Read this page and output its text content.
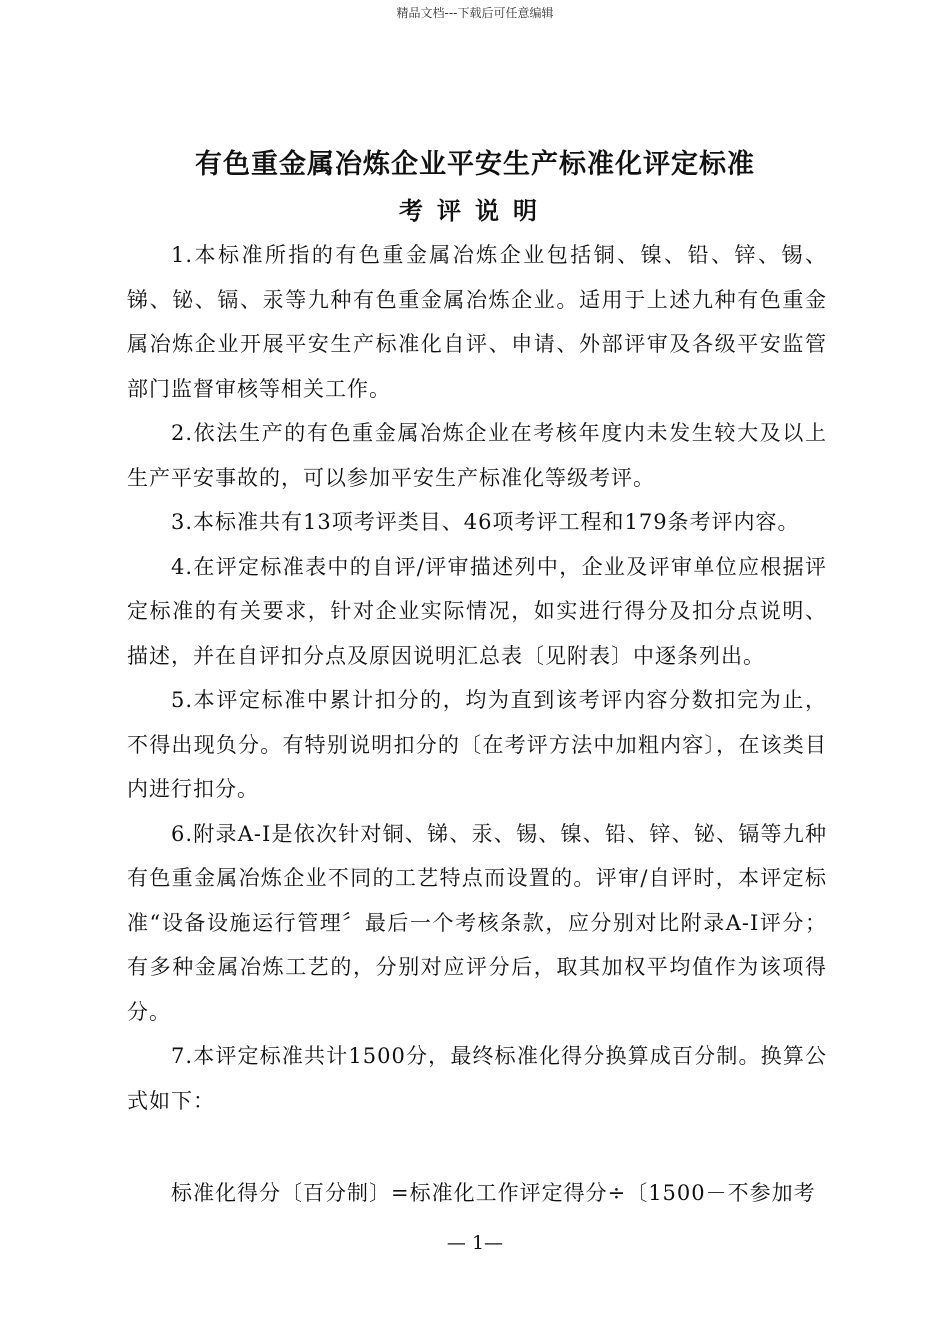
精品文档---下载后可任意编辑
有色重金属冶炼企业平安生产标准化评定标准
考评说明

1.本标准所指的有色重金属冶炼企业包括铜、镍、铅、锌、锡、锑、铋、镉、汞等九种有色重金属冶炼企业。适用于上述九种有色重金属冶炼企业开展平安生产标准化自评、申请、外部评审及各级平安监管部门监督审核等相关工作。

2.依法生产的有色重金属冶炼企业在考核年度内未发生较大及以上生产平安事故的，可以参加平安生产标准化等级考评。

3.本标准共有13项考评类目、46项考评工程和179条考评内容。

4.在评定标准表中的自评/评审描述列中，企业及评审单位应根据评定标准的有关要求，针对企业实际情况，如实进行得分及扣分点说明、描述，并在自评扣分点及原因说明汇总表〔见附表〕中逐条列出。

5.本评定标准中累计扣分的，均为直到该考评内容分数扣完为止，不得出现负分。有特别说明扣分的〔在考评方法中加粗内容〕，在该类目内进行扣分。

6.附录A-I是依次针对铜、锑、汞、锡、镍、铅、锌、铋、镉等九种有色重金属冶炼企业不同的工艺特点而设置的。评审/自评时，本评定标准“设备设施运行管理〞最后一个考核条款，应分别对比附录A-I评分；有多种金属冶炼工艺的，分别对应评分后，取其加权平均值作为该项得分。

7.本评定标准共计1500分，最终标准化得分换算成百分制。换算公式如下：

标准化得分〔百分制〕=标准化工作评定得分÷〔1500－不参加考
— 1—
